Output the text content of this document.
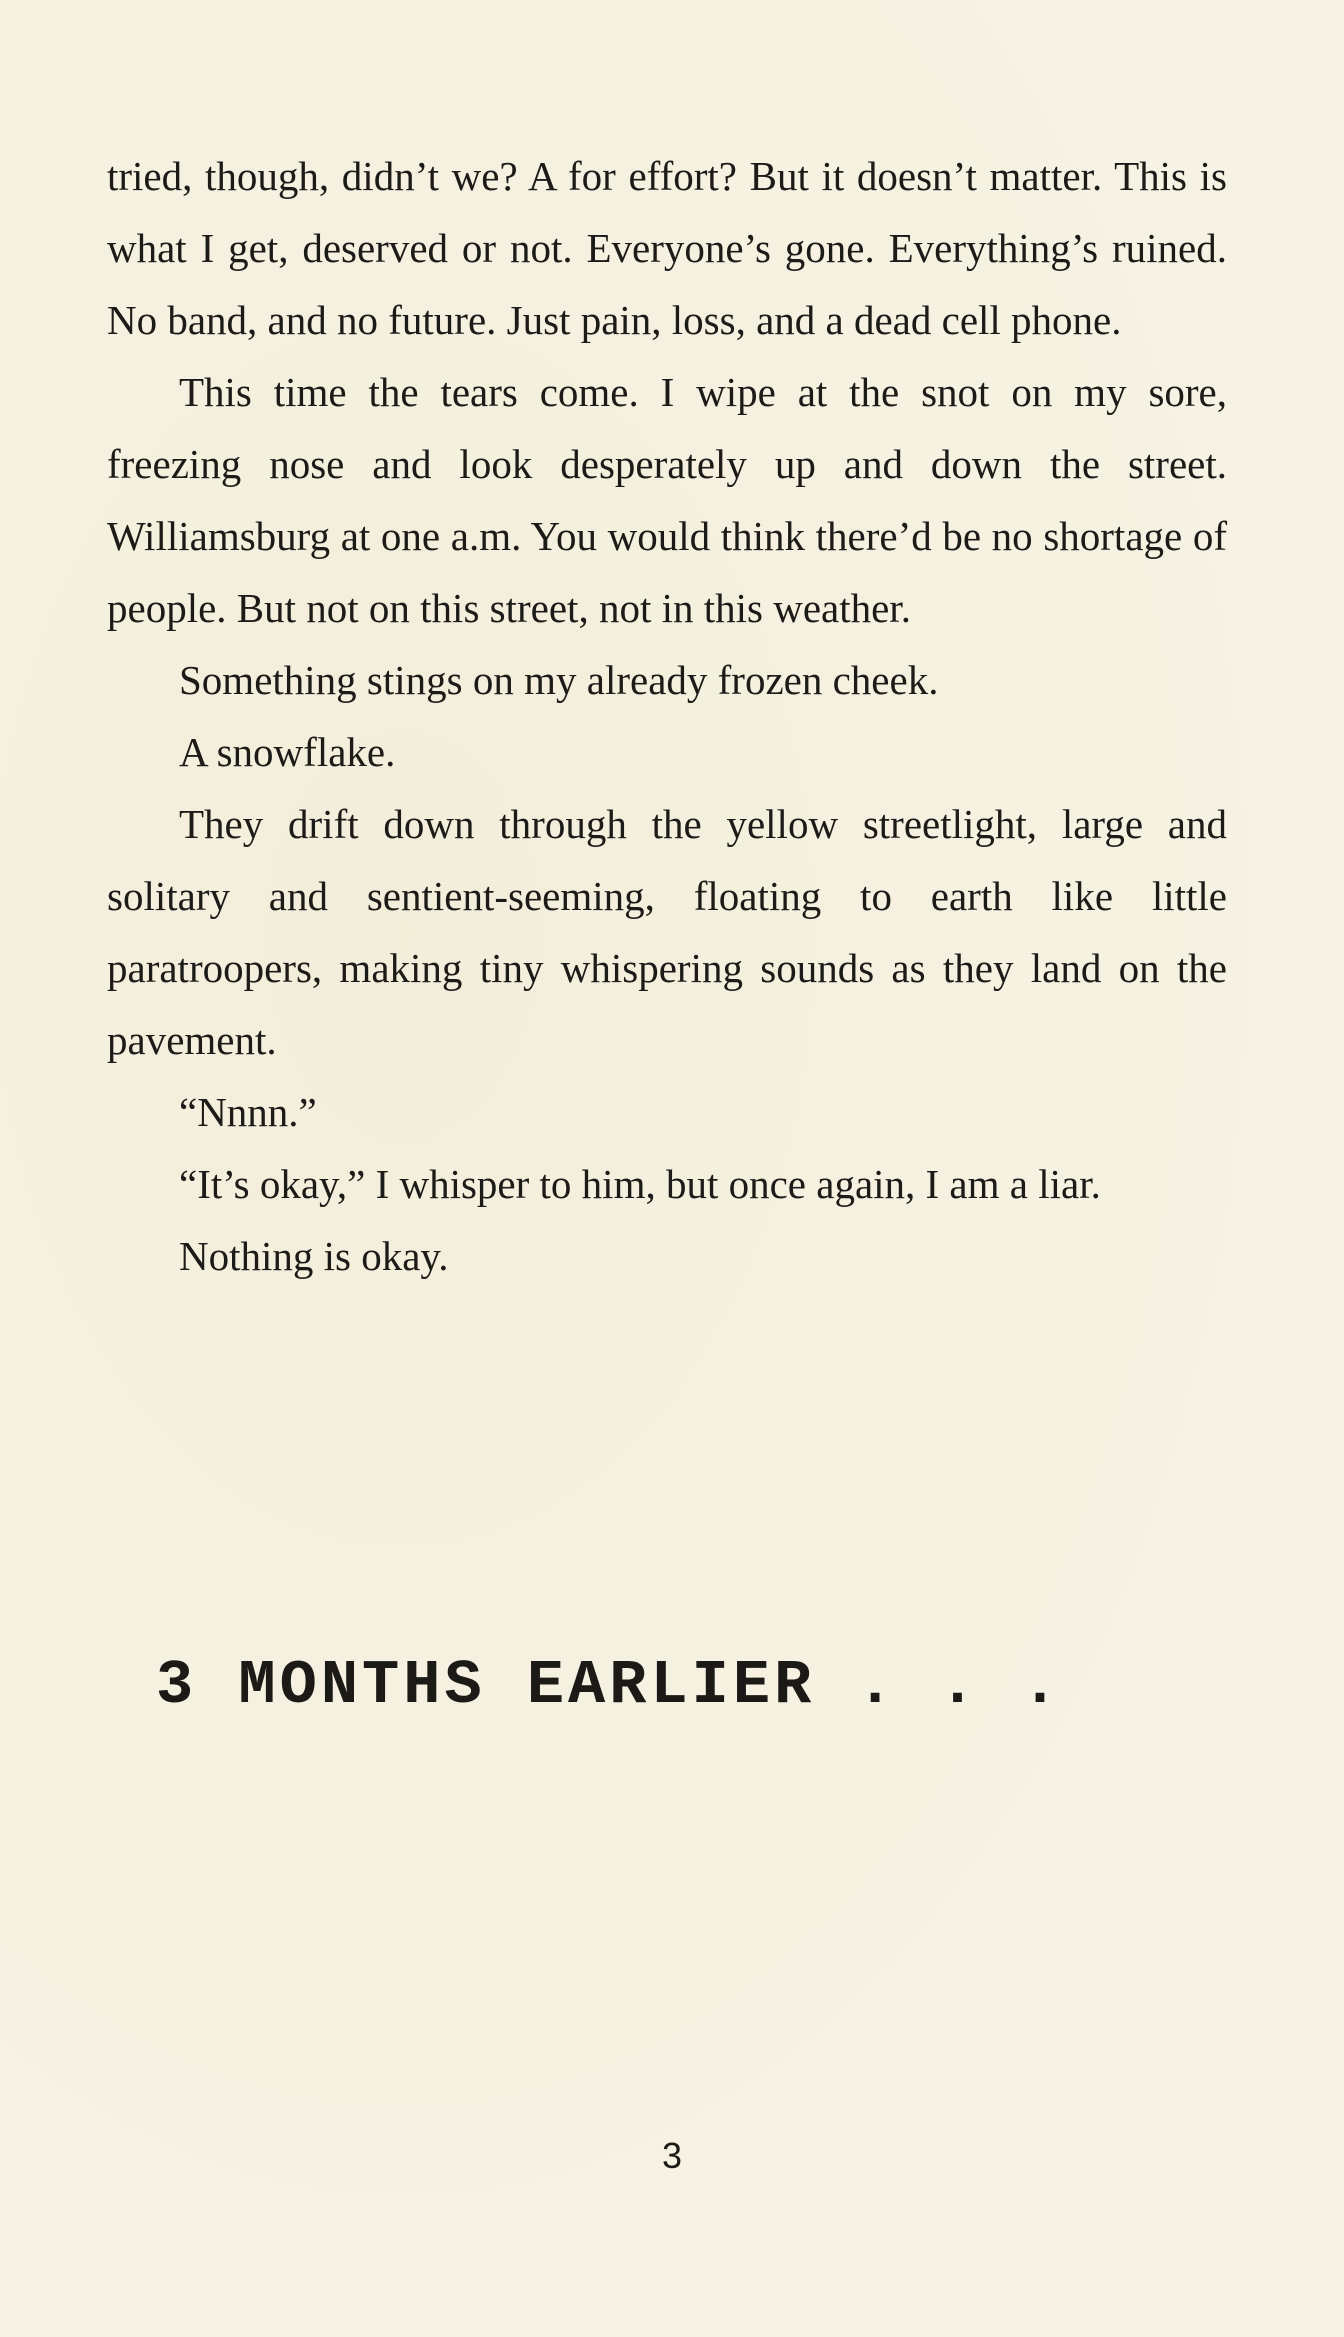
tried, though, didn’t we? A for effort? But it doesn’t matter. This is what I get, deserved or not. Everyone’s gone. Everything’s ruined. No band, and no future. Just pain, loss, and a dead cell phone.

This time the tears come. I wipe at the snot on my sore, freezing nose and look desperately up and down the street. Williamsburg at one a.m. You would think there’d be no shortage of people. But not on this street, not in this weather.

Something stings on my already frozen cheek.

A snowflake.

They drift down through the yellow streetlight, large and solitary and sentient-seeming, floating to earth like little paratroopers, making tiny whispering sounds as they land on the pavement.

“Nnnn.”

“It’s okay,” I whisper to him, but once again, I am a liar.

Nothing is okay.

3 MONTHS EARLIER . . .
3
